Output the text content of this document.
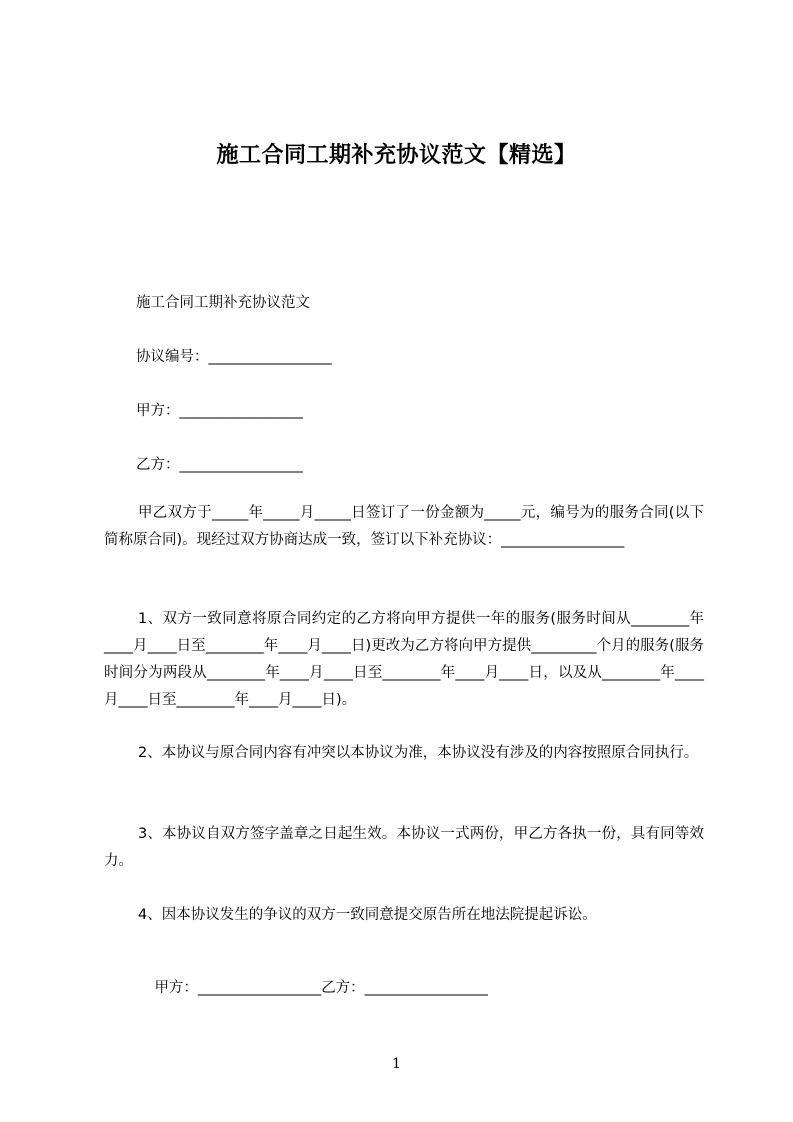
施工合同工期补充协议范文【精选】
施工合同工期补充协议范文
协议编号：_________________
甲方：_________________
乙方：_________________
甲乙双方于_____年_____月_____日签订了一份金额为_____元，编号为的服务合同(以下简称原合同)。现经过双方协商达成一致，签订以下补充协议：_________________
1、双方一致同意将原合同约定的乙方将向甲方提供一年的服务(服务时间从________年____月____日至________年____月____日)更改为乙方将向甲方提供_________个月的服务(服务时间分为两段从________年____月____日至________年____月____日，以及从________年____月____日至________年____月____日)。
2、本协议与原合同内容有冲突以本协议为准，本协议没有涉及的内容按照原合同执行。
3、本协议自双方签字盖章之日起生效。本协议一式两份，甲乙方各执一份，具有同等效力。
4、因本协议发生的争议的双方一致同意提交原告所在地法院提起诉讼。

甲方：_________________乙方：_________________

1
